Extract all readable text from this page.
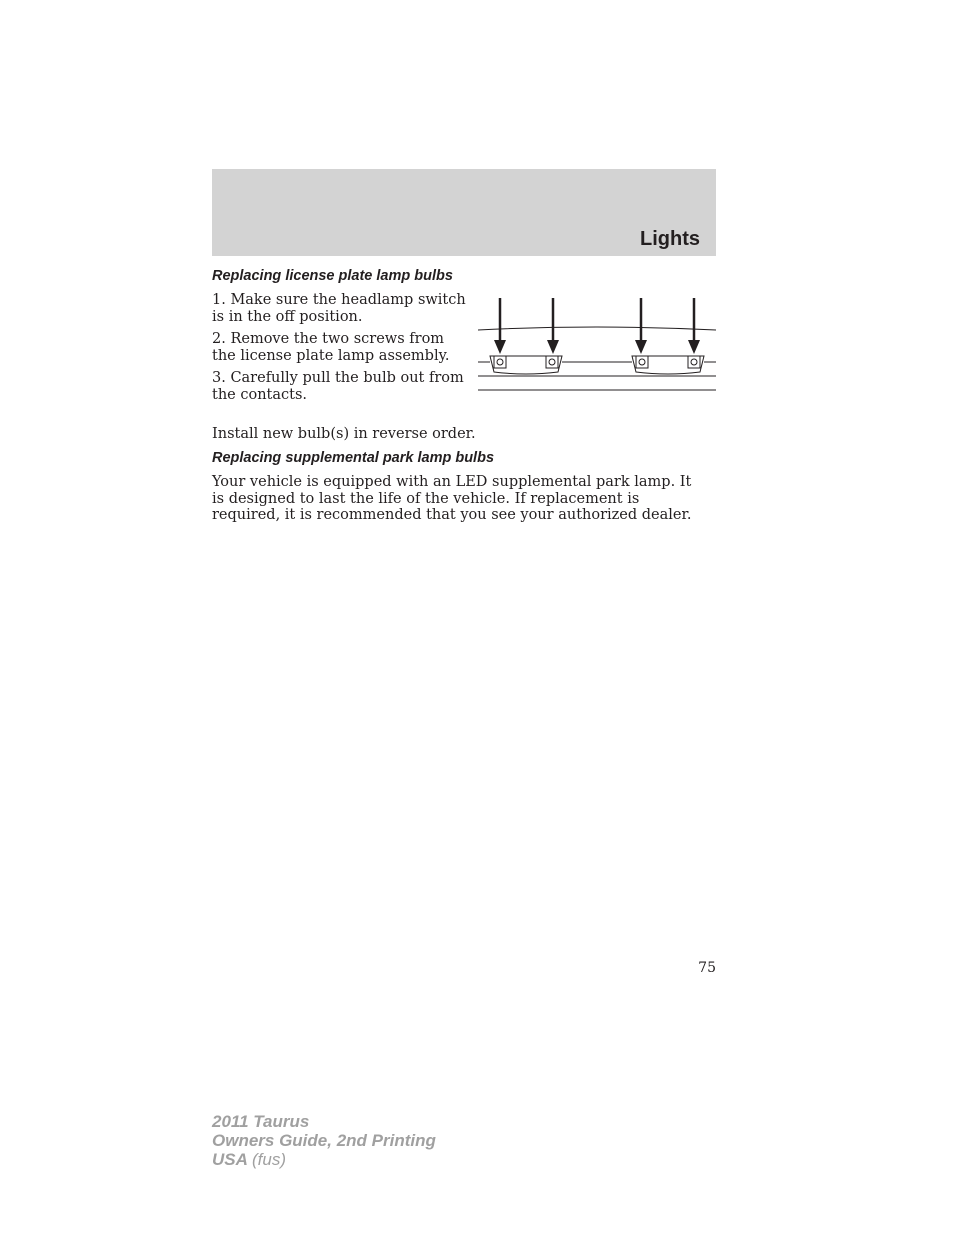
Lights
Replacing license plate lamp bulbs

1. Make sure the headlamp switch is in the off position.

2. Remove the two screws from the license plate lamp assembly.

3. Carefully pull the bulb out from the contacts.

Install new bulb(s) in reverse order.

Replacing supplemental park lamp bulbs

Your vehicle is equipped with an LED supplemental park lamp. It is designed to last the life of the vehicle. If replacement is required, it is recommended that you see your authorized dealer.

75
2011 Taurus
Owners Guide, 2nd Printing
USA (fus)
